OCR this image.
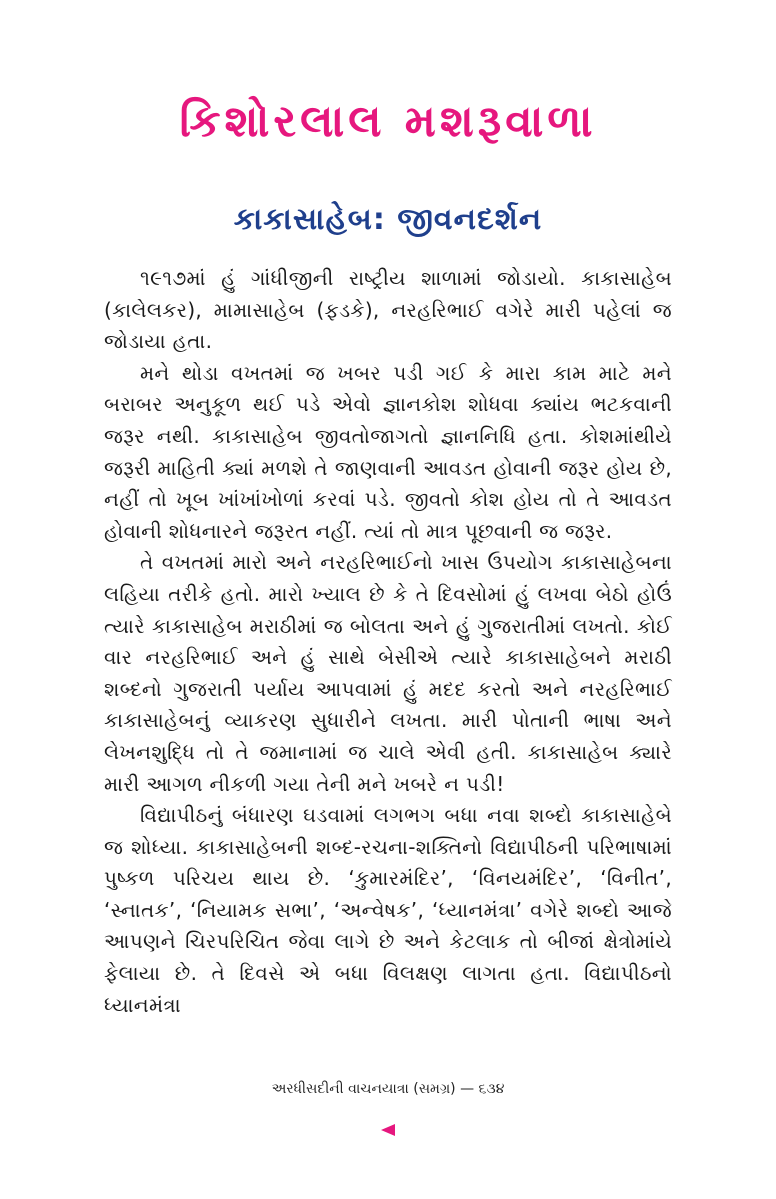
કિશોરલાલ મશરૂવાળા
કાકાસાહેબ: જીવનદર્શન

૧૯૧૭માં હું ગાંધીજીની રાષ્ટ્રીય શાળામાં જોડાયો. કાકાસાહેબ (કાલેલકર), મામાસાહેબ (ફડકે), નરહરિભાઈ વગેરે મારી પહેલાં જ જોડાયા હતા.

મને થોડા વખતમાં જ ખબર પડી ગઈ કે મારા કામ માટે મને બરાબર અનુકૂળ થઈ પડે એવો જ્ઞાનકોશ શોધવા ક્યાંય ભટકવાની જરૂર નથી. કાકાસાહેબ જીવતોજાગતો જ્ઞાનનિધિ હતા. કોશમાંથીયે જરૂરી માહિતી ક્યાં મળશે તે જાણવાની આવડત હોવાની જરૂર હોય છે, નહીં તો ખૂબ ખાંખાંખોળાં કરવાં પડે. જીવતો કોશ હોય તો તે આવડત હોવાની શોધનારને જરૂરત નહીં. ત્યાં તો માત્ર પૂછવાની જ જરૂર.

તે વખતમાં મારો અને નરહરિભાઈનો ખાસ ઉપયોગ કાકાસાહેબના લહિયા તરીકે હતો. મારો ખ્યાલ છે કે તે દિવસોમાં હું લખવા બેઠો હોઉં ત્યારે કાકાસાહેબ મરાઠીમાં જ બોલતા અને હું ગુજરાતીમાં લખતો. કોઈ વાર નરહરિભાઈ અને હું સાથે બેસીએ ત્યારે કાકાસાહેબને મરાઠી શબ્દનો ગુજરાતી પર્યાય આપવામાં હું મદદ કરતો અને નરહરિભાઈ કાકાસાહેબનું વ્યાકરણ સુધારીને લખતા. મારી પોતાની ભાષા અને લેખનશુદ્ધિ તો તે જમાનામાં જ ચાલે એવી હતી. કાકાસાહેબ ક્યારે મારી આગળ નીકળી ગયા તેની મને ખબરે ન પડી!

વિદ્યાપીઠનું બંધારણ ઘડવામાં લગભગ બધા નવા શબ્દો કાકાસાહેબે જ શોધ્યા. કાકાસાહેબની શબ્દ-રચના-શક્તિનો વિદ્યાપીઠની પરિભાષામાં પુષ્કળ પરિચય થાય છે. ‘કુમારમંદિર’, ‘વિનયમંદિર’, ‘વિનીત’, ‘સ્નાતક’, ‘નિયામક સભા’, ‘અન્વેષક’, ‘ધ્યાનમંત્રા’ વગેરે શબ્દો આજે આપણને ચિરપરિચિત જેવા લાગે છે અને કેટલાક તો બીજાં ક્ષેત્રોમાંયે ફેલાયા છે. તે દિવસે એ બધા વિલક્ષણ લાગતા હતા. વિદ્યાપીઠનો ધ્યાનમંત્રા

અરધીસદીની વાચનયાત્રા (સમગ્ર) — ૬૩૪
